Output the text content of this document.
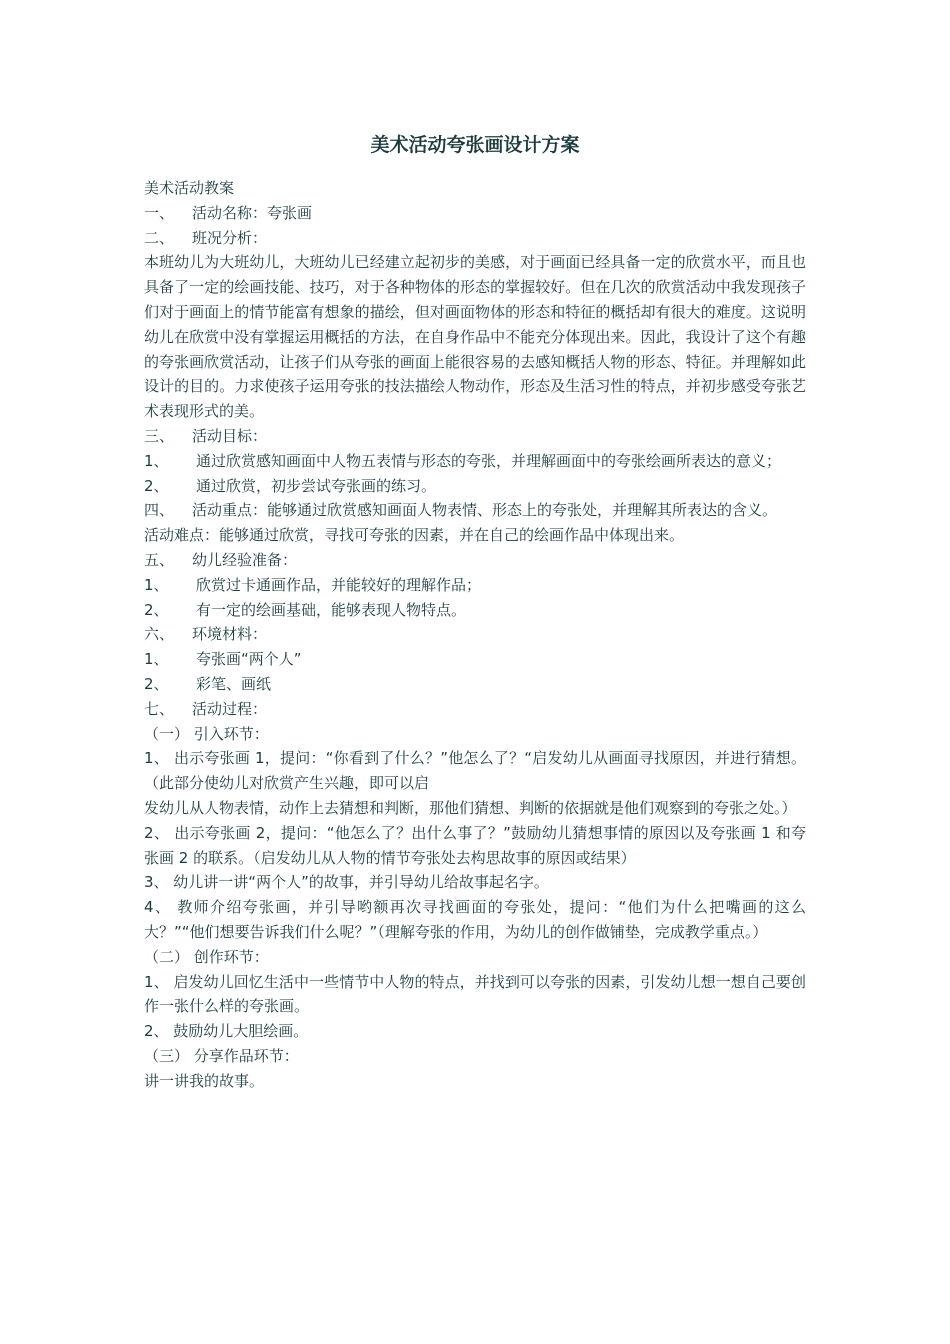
美术活动夸张画设计方案

美术活动教案

一、 活动名称：夸张画

二、 班况分析：

本班幼儿为大班幼儿，大班幼儿已经建立起初步的美感，对于画面已经具备一定的欣赏水平，而且也具备了一定的绘画技能、技巧，对于各种物体的形态的掌握较好。但在几次的欣赏活动中我发现孩子们对于画面上的情节能富有想象的描绘，但对画面物体的形态和特征的概括却有很大的难度。这说明幼儿在欣赏中没有掌握运用概括的方法，在自身作品中不能充分体现出来。因此，我设计了这个有趣的夸张画欣赏活动，让孩子们从夸张的画面上能很容易的去感知概括人物的形态、特征。并理解如此设计的目的。力求使孩子运用夸张的技法描绘人物动作，形态及生活习性的特点，并初步感受夸张艺术表现形式的美。

三、 活动目标：

1、 通过欣赏感知画面中人物五表情与形态的夸张，并理解画面中的夸张绘画所表达的意义；

2、 通过欣赏，初步尝试夸张画的练习。

四、 活动重点：能够通过欣赏感知画面人物表情、形态上的夸张处，并理解其所表达的含义。

活动难点：能够通过欣赏，寻找可夸张的因素，并在自己的绘画作品中体现出来。

五、 幼儿经验准备：

1、 欣赏过卡通画作品，并能较好的理解作品；

2、 有一定的绘画基础，能够表现人物特点。

六、 环境材料：

1、 夸张画“两个人”

2、 彩笔、画纸

七、 活动过程：

（一） 引入环节：

1、 出示夸张画 1，提问：“你看到了什么？”他怎么了？“启发幼儿从画面寻找原因，并进行猜想。（此部分使幼儿对欣赏产生兴趣，即可以启

发幼儿从人物表情，动作上去猜想和判断，那他们猜想、判断的依据就是他们观察到的夸张之处。）

2、 出示夸张画 2，提问：“他怎么了？出什么事了？”鼓励幼儿猜想事情的原因以及夸张画 1 和夸张画 2 的联系。（启发幼儿从人物的情节夸张处去构思故事的原因或结果）

3、 幼儿讲一讲“两个人”的故事，并引导幼儿给故事起名字。

4、 教师介绍夸张画，并引导哟额再次寻找画面的夸张处，提问：“他们为什么把嘴画的这么大？”“他们想要告诉我们什么呢？”（理解夸张的作用，为幼儿的创作做铺垫，完成教学重点。）

（二） 创作环节：

1、 启发幼儿回忆生活中一些情节中人物的特点，并找到可以夸张的因素，引发幼儿想一想自己要创作一张什么样的夸张画。

2、 鼓励幼儿大胆绘画。

（三） 分享作品环节：

讲一讲我的故事。
